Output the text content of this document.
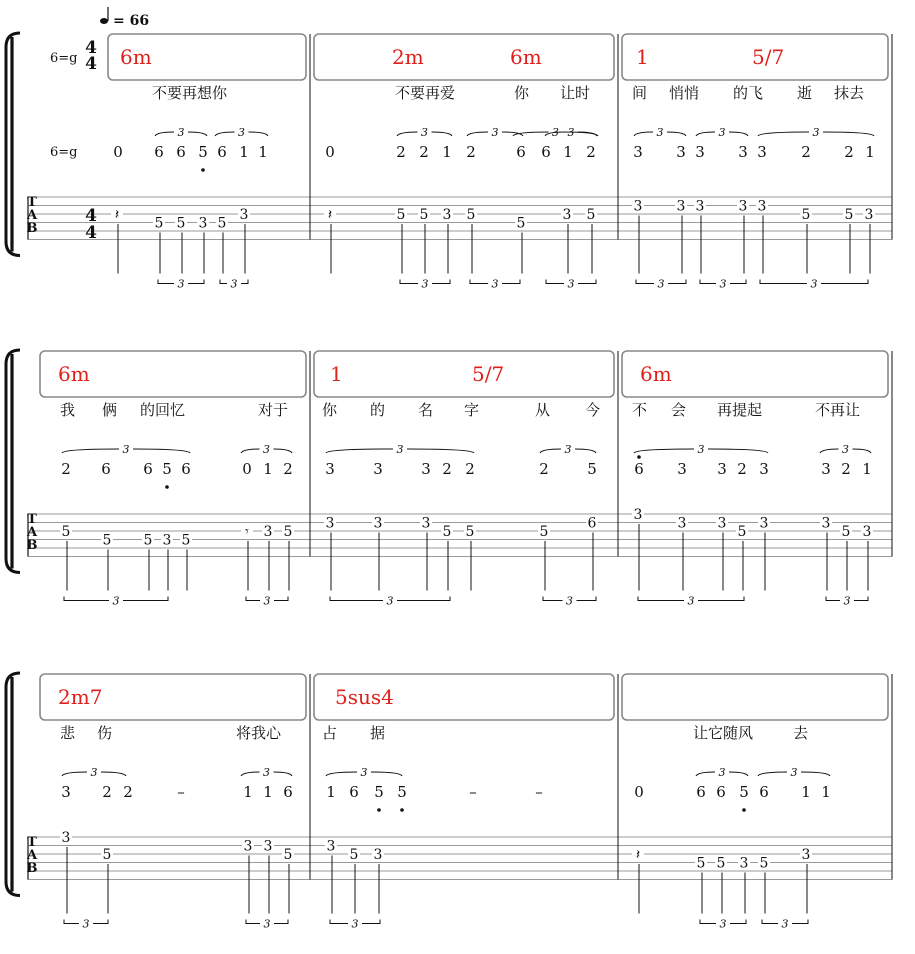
= 66
T
A
B
6=g
6=g
4
4
4
4
6m
不要再想你
0 6 6 5 6 1 1
𝄽
5 5 3 5
3
3	3
3	3
2m	6m
不要再爱	你 让时
0	2 2 1 2	6 6 1 2
𝄽	5 5 3 5
5
3 5
3	3	3 3
3	3	3
1	5/7
间 悄悄 的飞 逝 抹去
3 3 3 3 3 2 2 1
3 3 3 3 3
5 5 3
3	3	3
3	3	3
T
A
B
6m
我 俩 的回忆	对于
2 6 6 5 6	0 1 2
5
5 5 3 5
𝄾 3 5
3	3
3	3
1	5/7
你 的 名 字	从 今
3	3	3 2 2	2	5
3	3	3
5 5	5
6
3	3
3	3
6m
不 会 再提起	不再让
6 3 3 2 3	3 2 1
3
3 3
5
3	3
5 3
3	3
3	3
T
A
B
2m7
悲 伤	将我心
3 2 2	–	1 1 6
3
5
3 3
5
3	3
3	3
5sus4
占 据
1 6 5 5	–	–
3
5 3
3
3
让它随风	去
0	6 6 5 6 1 1
𝄽
5 5 3 5
3
3	3
3	3
